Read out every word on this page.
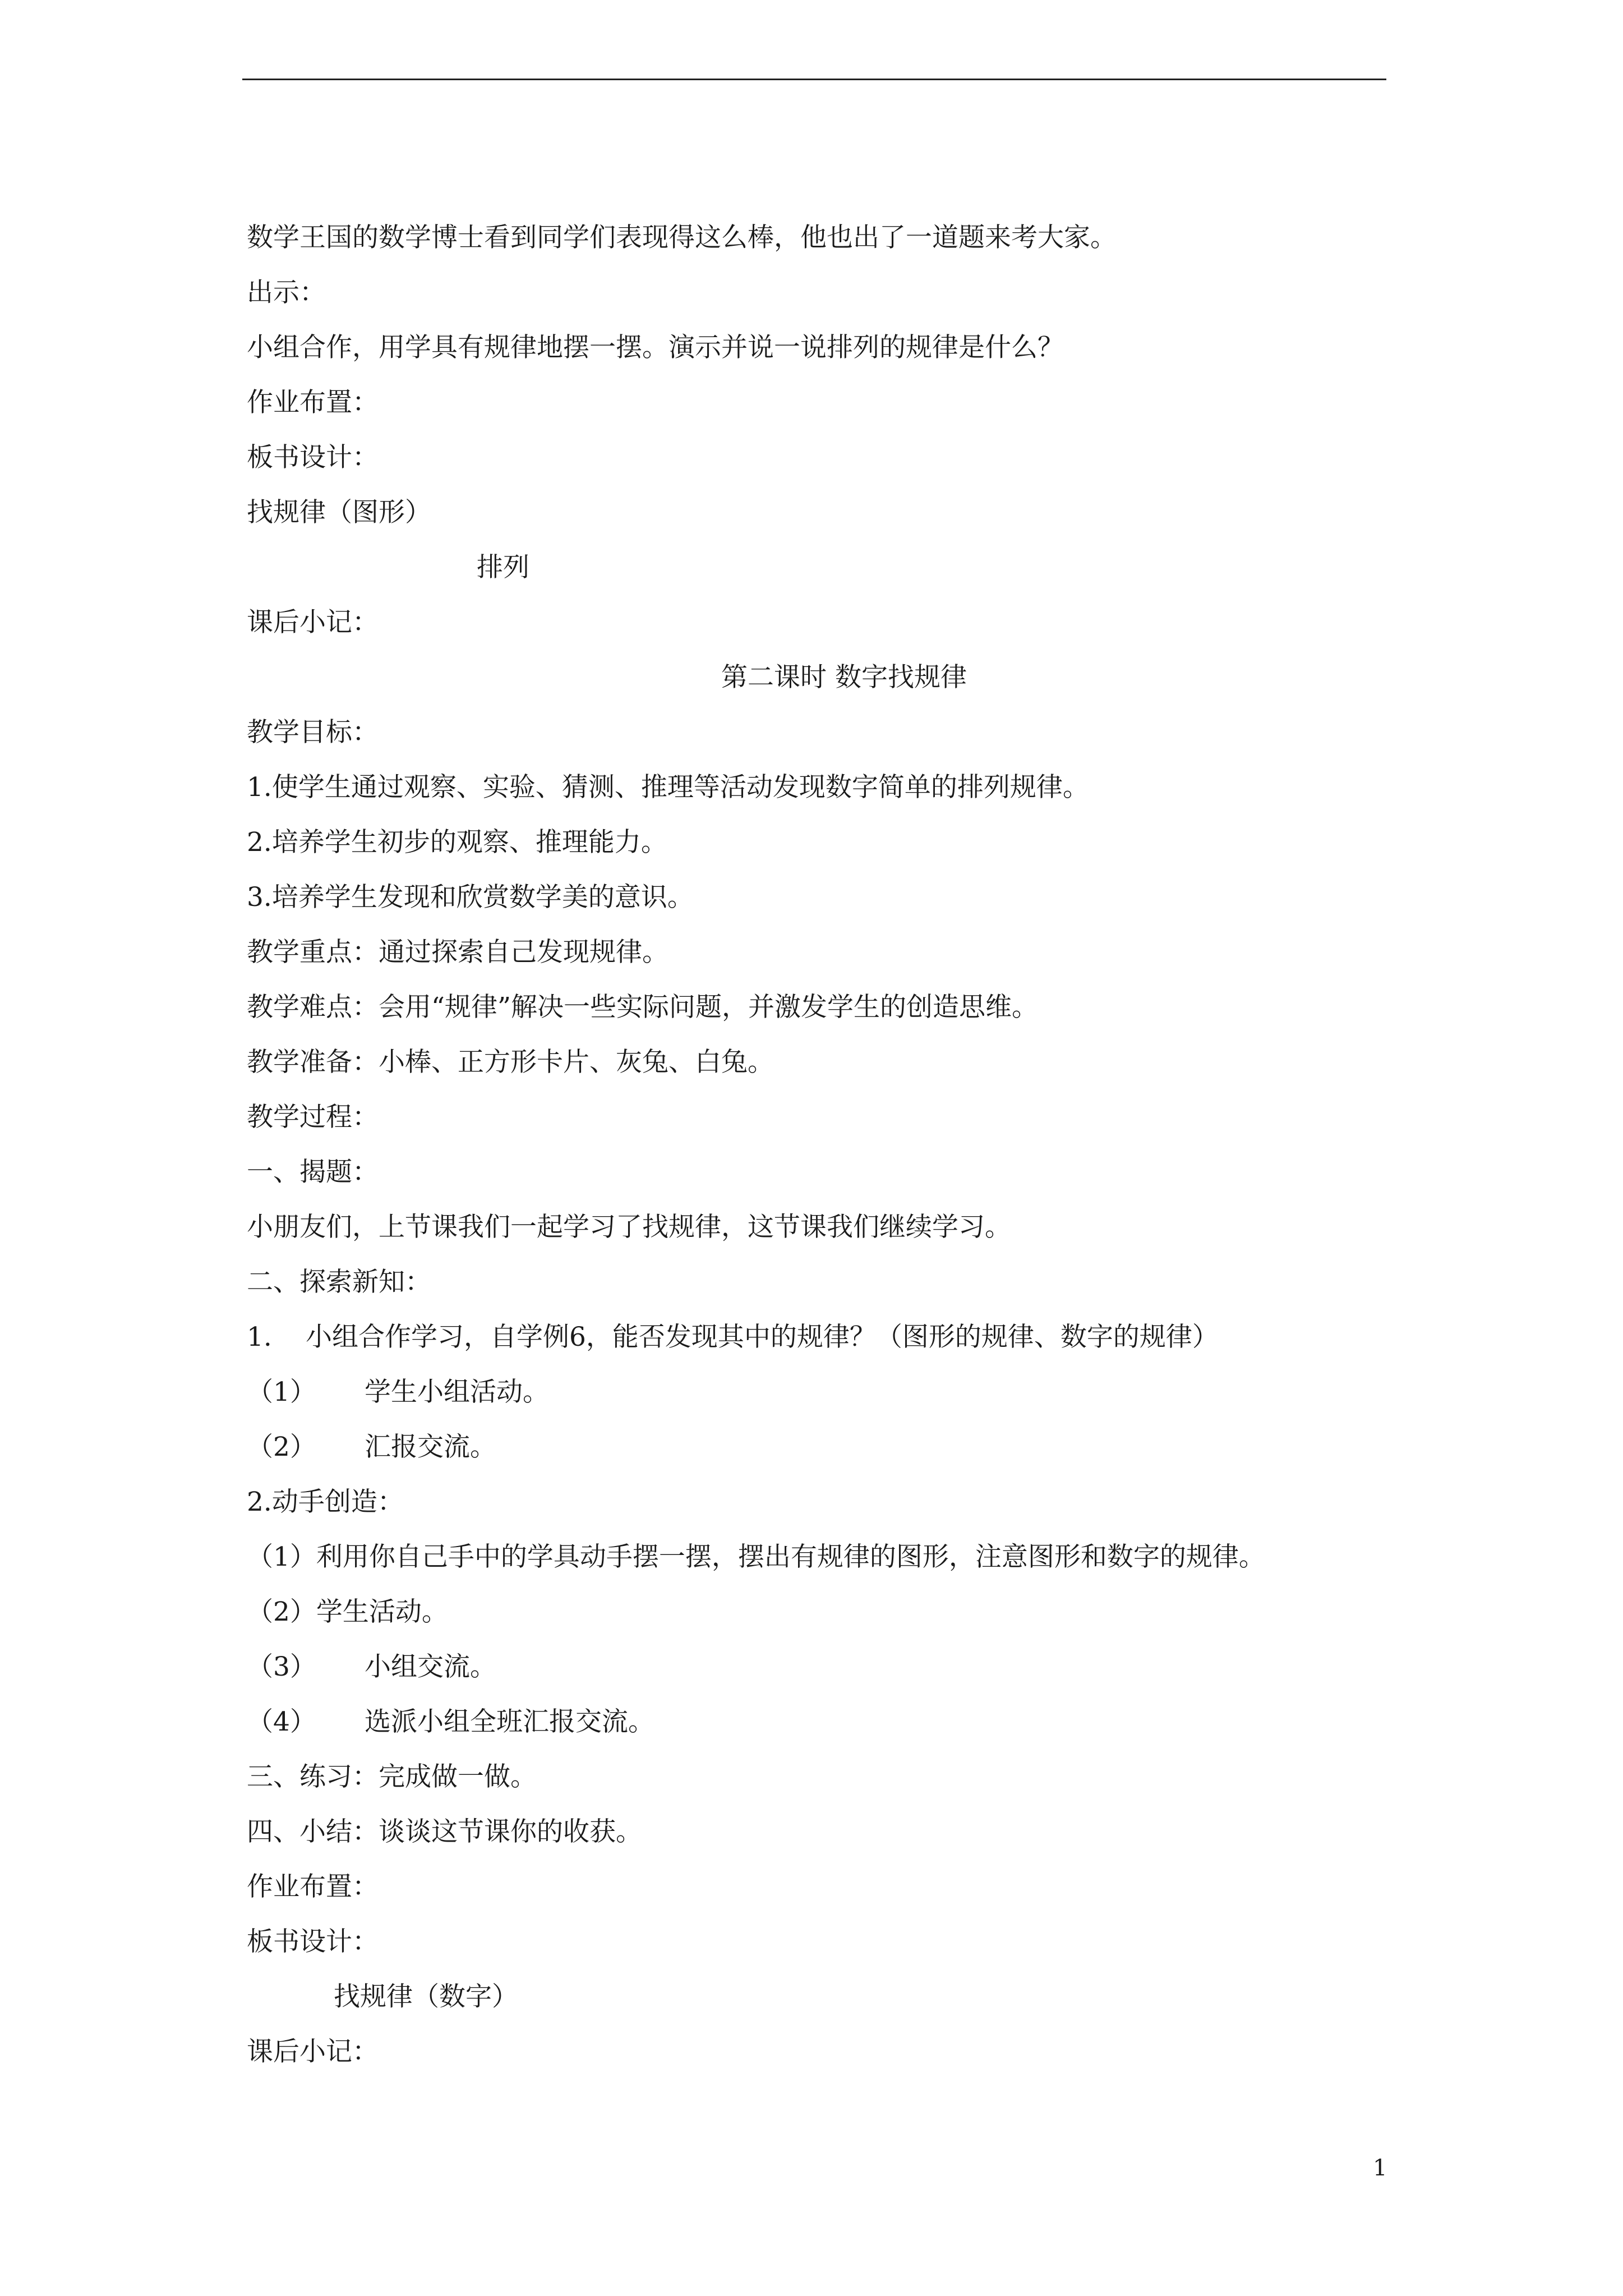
数学王国的数学博士看到同学们表现得这么棒，他也出了一道题来考大家。
出示：
小组合作，用学具有规律地摆一摆。演示并说一说排列的规律是什么？
作业布置：
板书设计：
找规律（图形）
排列
课后小记：
第二课时 数字找规律
教学目标：
1.使学生通过观察、实验、猜测、推理等活动发现数字简单的排列规律。
2.培养学生初步的观察、推理能力。
3.培养学生发现和欣赏数学美的意识。
教学重点：通过探索自己发现规律。
教学难点：会用“规律”解决一些实际问题，并激发学生的创造思维。
教学准备：小棒、正方形卡片、灰兔、白兔。
教学过程：
一、揭题：
小朋友们，上节课我们一起学习了找规律，这节课我们继续学习。
二、探索新知：
1.	小组合作学习，自学例6，能否发现其中的规律？（图形的规律、数字的规律）
（1）	学生小组活动。
（2）	汇报交流。
2.动手创造：
（1）利用你自己手中的学具动手摆一摆，摆出有规律的图形，注意图形和数字的规律。
（2）学生活动。
（3）	小组交流。
（4）	选派小组全班汇报交流。
三、练习：完成做一做。
四、小结：谈谈这节课你的收获。
作业布置：
板书设计：
找规律（数字）
课后小记：
1
